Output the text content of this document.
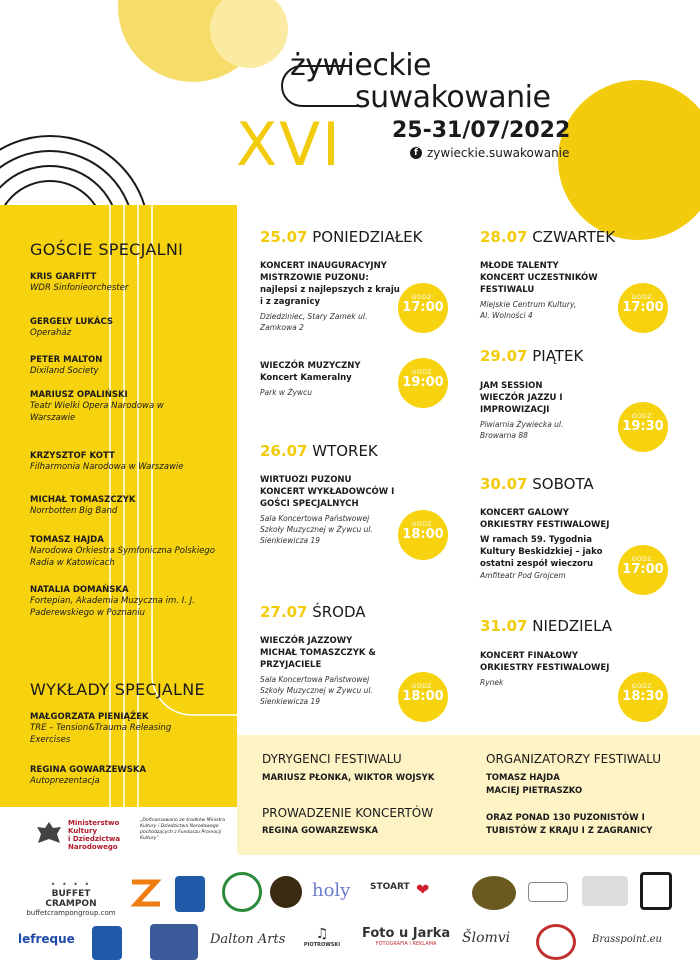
żywieckie
suwakowanie
XVI 25-31/07/2022
f zywieckie.suwakowanie
GOŚCIE SPECJALNI
KRIS GARFITT
WDR Sinfonieorchester
GERGELY LUKÁCS
Operaház
PETER MALTON
Dixiland Society
MARIUSZ OPALIŃSKI
Teatr Wielki Opera Narodowa w Warszawie
KRZYSZTOF KOTT
Filharmonia Narodowa w Warszawie
MICHAŁ TOMASZCZYK
Norrbotten Big Band
TOMASZ HAJDA
Narodowa Orkiestra Symfoniczna Polskiego Radia w Katowicach
NATALIA DOMAŃSKA
Fortepian, Akademia Muzyczna im. I. J. Paderewskiego w Poznaniu
WYKŁADY SPECJALNE
MAŁGORZATA PIENIĄŻEK
TRE – Tension&Trauma Releasing Exercises
REGINA GOWARZEWSKA
Autoprezentacja
25.07 PONIEDZIAŁEK
KONCERT INAUGURACYJNY
MISTRZOWIE PUZONU: najlepsi z najlepszych z kraju i z zagranicy
Dziedziniec, Stary Zamek ul. Zamkowa 2
GODZ.
17:00
WIECZÓR MUZYCZNY
Koncert Kameralny
Park w Żywcu
GODZ.
19:00
26.07 WTOREK
WIRTUOZI PUZONU
KONCERT WYKŁADOWCÓW I GOŚCI SPECJALNYCH
Sala Koncertowa Państwowej Szkoły Muzycznej w Żywcu ul. Sienkiewicza 19
GODZ.
18:00
27.07 ŚRODA
WIECZÓR JAZZOWY
MICHAŁ TOMASZCZYK & PRZYJACIELE
Sala Koncertowa Państwowej Szkoły Muzycznej w Żywcu ul. Sienkiewicza 19
GODZ.
18:00
28.07 CZWARTEK
MŁODE TALENTY
KONCERT UCZESTNIKÓW FESTIWALU
Miejskie Centrum Kultury, Al. Wolności 4
GODZ.
17:00
29.07 PIĄTEK
JAM SESSION
WIECZÓR JAZZU I IMPROWIZACJI
Piwiarnia Żywiecka ul. Browarna 88
GODZ.
19:30
30.07 SOBOTA
KONCERT GALOWY
ORKIESTRY FESTIWALOWEJ
W ramach 59. Tygodnia Kultury Beskidzkiej – jako ostatni zespół wieczoru
Amfiteatr Pod Grojcem
GODZ.
17:00
31.07 NIEDZIELA
KONCERT FINAŁOWY
ORKIESTRY FESTIWALOWEJ
Rynek	GODZ.
18:30
DYRYGENCI FESTIWALU
MARIUSZ PŁONKA, WIKTOR WOJSYK
PROWADZENIE KONCERTÓW
REGINA GOWARZEWSKA
ORGANIZATORZY FESTIWALU
TOMASZ HAJDA
MACIEJ PIETRASZKO
ORAZ PONAD 130 PUZONISTÓW I TUBISTÓW Z KRAJU I Z ZAGRANICY
Ministerstwo
Kultury
i Dziedzictwa
Narodowego
„Dofinansowano ze środków Ministra Kultury i Dziedzictwa Narodowego pochodzących z Funduszu Promocji Kultury”
• • • •
BUFFET CRAMPON
buffetcrampongroup.com
holy STOART ❤
lefreque	Dalton Arts	♫
PIOTROWSKI
Foto u Jarka
FOTOGRAFIA I REKLAMA	Šlomvi	Brasspoint.eu
